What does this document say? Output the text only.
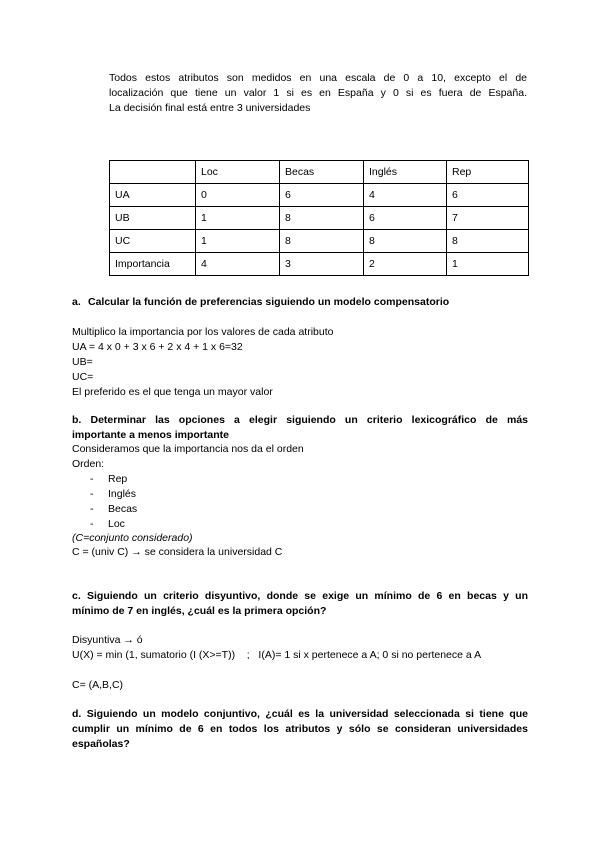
Todos estos atributos son medidos en una escala de 0 a 10, excepto el de
localización que tiene un valor 1 si es en España y 0 si es fuera de España.
La decisión final está entre 3 universidades
	Loc	Becas	Inglés	Rep
UA	0	6	4	6
UB	1	8	6	7
UC	1	8	8	8
Importancia	4	3	2	1
a. Calcular la función de preferencias siguiendo un modelo compensatorio
Multiplico la importancia por los valores de cada atributo
UA = 4 x 0 + 3 x 6 + 2 x 4 + 1 x 6=32
UB=
UC=
El preferido es el que tenga un mayor valor
b. Determinar las opciones a elegir siguiendo un criterio lexicográfico de más
importante a menos importante
Consideramos que la importancia nos da el orden
Orden:
- Rep
- Inglés
- Becas
- Loc
(C=conjunto considerado)
C = (univ C) → se considera la universidad C
c. Siguiendo un criterio disyuntivo, donde se exige un mínimo de 6 en becas y un
mínimo de 7 en inglés, ¿cuál es la primera opción?
Disyuntiva → ó
U(X) = min (1, sumatorio (I (X>=T))    ;   I(A)= 1 si x pertenece a A; 0 si no pertenece a A
C= (A,B,C)
d. Siguiendo un modelo conjuntivo, ¿cuál es la universidad seleccionada si tiene que
cumplir un mínimo de 6 en todos los atributos y sólo se consideran universidades
españolas?
